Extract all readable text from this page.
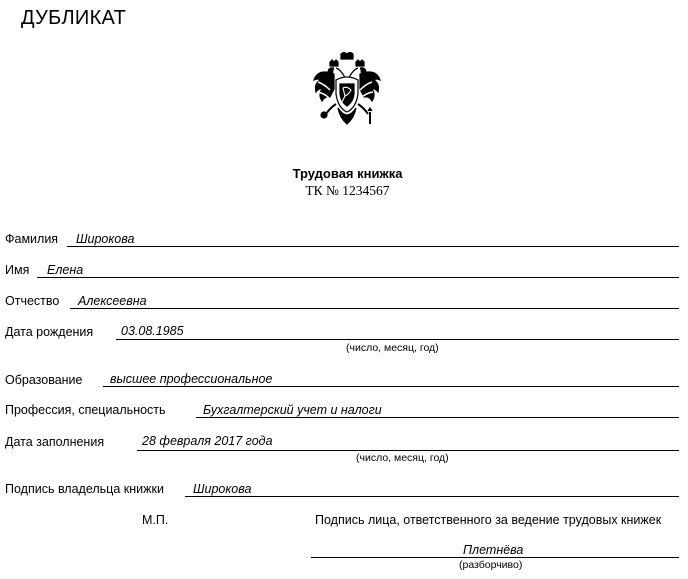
ДУБЛИКАТ
Трудовая книжка
ТК № 1234567
Фамилия Широкова
Имя Елена
Отчество Алексеевна
Дата рождения 03.08.1985
(число, месяц, год)
Образование высшее профессиональное
Профессия, специальность	Бухгалтерский учет и налоги
Дата заполнения	28 февраля 2017 года
(число, месяц, год)
Подпись владельца книжки Широкова
М.П.	Подпись лица, ответственного за ведение трудовых книжек
Плетнёва
(разборчиво)
